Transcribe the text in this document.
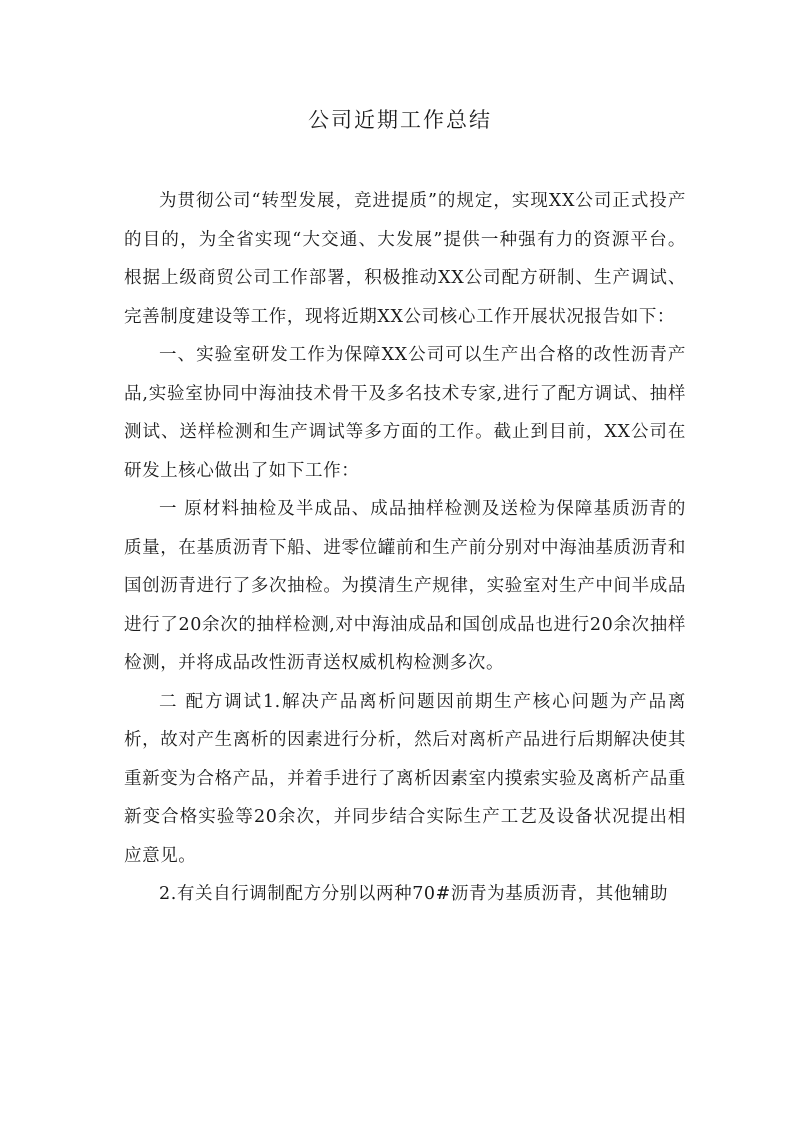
公司近期工作总结

为贯彻公司“转型发展，竞进提质”的规定，实现XX公司正式投产的目的，为全省实现“大交通、大发展”提供一种强有力的资源平台。根据上级商贸公司工作部署，积极推动XX公司配方研制、生产调试、完善制度建设等工作，现将近期XX公司核心工作开展状况报告如下：

一、实验室研发工作为保障XX公司可以生产出合格的改性沥青产品,实验室协同中海油技术骨干及多名技术专家,进行了配方调试、抽样测试、送样检测和生产调试等多方面的工作。截止到目前，XX公司在研发上核心做出了如下工作：

一 原材料抽检及半成品、成品抽样检测及送检为保障基质沥青的质量，在基质沥青下船、进零位罐前和生产前分别对中海油基质沥青和国创沥青进行了多次抽检。为摸清生产规律，实验室对生产中间半成品进行了20余次的抽样检测,对中海油成品和国创成品也进行20余次抽样检测，并将成品改性沥青送权威机构检测多次。

二 配方调试1.解决产品离析问题因前期生产核心问题为产品离析，故对产生离析的因素进行分析，然后对离析产品进行后期解决使其重新变为合格产品，并着手进行了离析因素室内摸索实验及离析产品重新变合格实验等20余次，并同步结合实际生产工艺及设备状况提出相应意见。

2.有关自行调制配方分别以两种70#沥青为基质沥青，其他辅助
